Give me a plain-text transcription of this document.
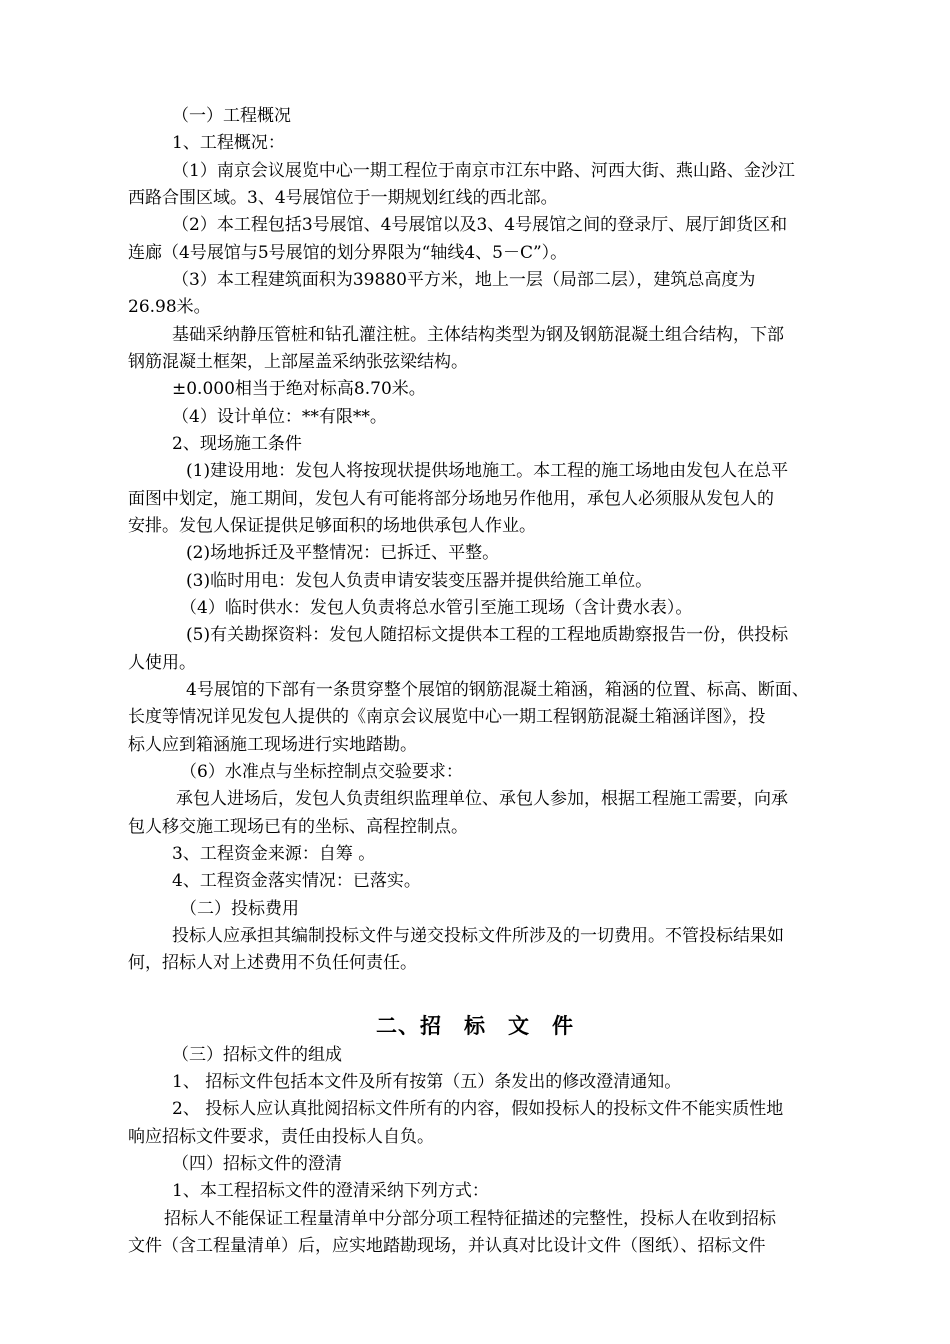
（一）工程概况
1、工程概况：
（1）南京会议展览中心一期工程位于南京市江东中路、河西大街、燕山路、金沙江
西路合围区域。3、4号展馆位于一期规划红线的西北部。
（2）本工程包括3号展馆、4号展馆以及3、4号展馆之间的登录厅、展厅卸货区和
连廊（4号展馆与5号展馆的划分界限为“轴线4、5－C”）。
（3）本工程建筑面积为39880平方米，地上一层（局部二层），建筑总高度为
26.98米。
基础采纳静压管桩和钻孔灌注桩。主体结构类型为钢及钢筋混凝土组合结构，下部
钢筋混凝土框架，上部屋盖采纳张弦梁结构。
±0.000相当于绝对标高8.70米。
（4）设计单位：**有限**。
2、现场施工条件
(1)建设用地：发包人将按现状提供场地施工。本工程的施工场地由发包人在总平
面图中划定，施工期间，发包人有可能将部分场地另作他用，承包人必须服从发包人的
安排。发包人保证提供足够面积的场地供承包人作业。
(2)场地拆迁及平整情况：已拆迁、平整。
(3)临时用电：发包人负责申请安装变压器并提供给施工单位。
（4）临时供水：发包人负责将总水管引至施工现场（含计费水表）。
(5)有关勘探资料：发包人随招标文提供本工程的工程地质勘察报告一份，供投标
人使用。
4号展馆的下部有一条贯穿整个展馆的钢筋混凝土箱涵，箱涵的位置、标高、断面、
长度等情况详见发包人提供的《南京会议展览中心一期工程钢筋混凝土箱涵详图》，投
标人应到箱涵施工现场进行实地踏勘。
（6）水准点与坐标控制点交验要求：
承包人进场后，发包人负责组织监理单位、承包人参加，根据工程施工需要，向承
包人移交施工现场已有的坐标、高程控制点。
3、工程资金来源：自筹 。
4、工程资金落实情况：已落实。
（二）投标费用
投标人应承担其编制投标文件与递交投标文件所涉及的一切费用。不管投标结果如
何，招标人对上述费用不负任何责任。
二、招　标　文　件
（三）招标文件的组成
1、 招标文件包括本文件及所有按第（五）条发出的修改澄清通知。
2、 投标人应认真批阅招标文件所有的内容，假如投标人的投标文件不能实质性地
响应招标文件要求，责任由投标人自负。
（四）招标文件的澄清
1、本工程招标文件的澄清采纳下列方式：
招标人不能保证工程量清单中分部分项工程特征描述的完整性，投标人在收到招标
文件（含工程量清单）后，应实地踏勘现场，并认真对比设计文件（图纸）、招标文件
